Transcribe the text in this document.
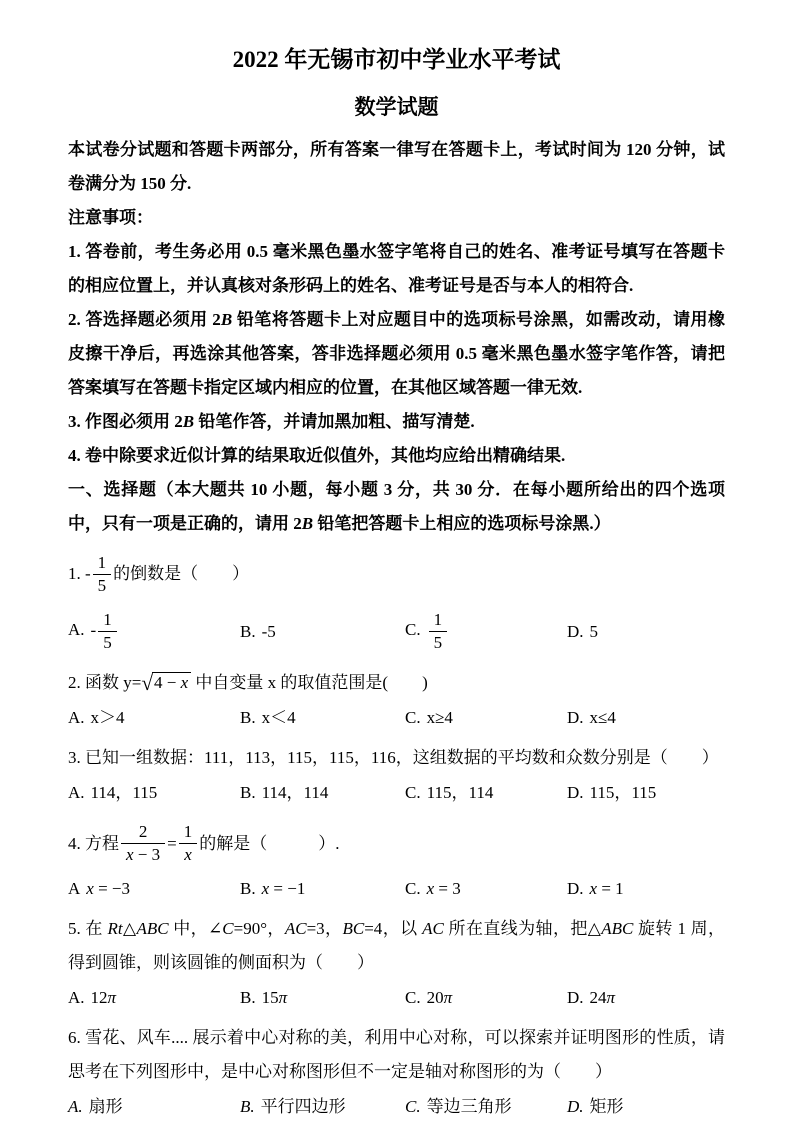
2022 年无锡市初中学业水平考试
数学试题

本试卷分试题和答题卡两部分，所有答案一律写在答题卡上，考试时间为 120 分钟，试卷满分为 150 分.

注意事项：

1. 答卷前，考生务必用 0.5 毫米黑色墨水签字笔将自己的姓名、准考证号填写在答题卡的相应位置上，并认真核对条形码上的姓名、准考证号是否与本人的相符合.

2. 答选择题必须用 2B 铅笔将答题卡上对应题目中的选项标号涂黑，如需改动，请用橡皮擦干净后，再选涂其他答案，答非选择题必须用 0.5 毫米黑色墨水签字笔作答，请把答案填写在答题卡指定区域内相应的位置，在其他区域答题一律无效.

3. 作图必须用 2B 铅笔作答，并请加黑加粗、描写清楚.

4. 卷中除要求近似计算的结果取近似值外，其他均应给出精确结果.

一、选择题（本大题共 10 小题，每小题 3 分，共 30 分．在每小题所给出的四个选项中，只有一项是正确的，请用 2B 铅笔把答题卡上相应的选项标号涂黑.）

1. - $\frac{1}{5}$ 的倒数是（　　）
A. - $\frac{1}{5}$	B. -5	C. $\frac{1}{5}$	D. 5

2. 函数 y=√4 − x 中自变量 x 的取值范围是(　　)

A. x＞4	B. x＜4	C. x≥4	D. x≤4

3. 已知一组数据：111，113，115，115，116，这组数据的平均数和众数分别是（　　）

A. 114，115	B. 114，114	C. 115，114	D. 115，115
4. 方程 $\frac{2}{x - 3} = \frac{1}{x}$ 的解是（　　　）.
A x = −3	B. x = −1	C. x = 3	D. x = 1

5. 在 Rt△ABC 中，∠C=90°，AC=3，BC=4，以 AC 所在直线为轴，把△ABC 旋转 1 周，得到圆锥，则该圆锥的侧面积为（　　）

A. 12π	B. 15π	C. 20π	D. 24π

6. 雪花、风车.... 展示着中心对称的美，利用中心对称，可以探索并证明图形的性质，请思考在下列图形中，是中心对称图形但不一定是轴对称图形的为（　　）

A. 扇形	B. 平行四边形	C. 等边三角形	D. 矩形
